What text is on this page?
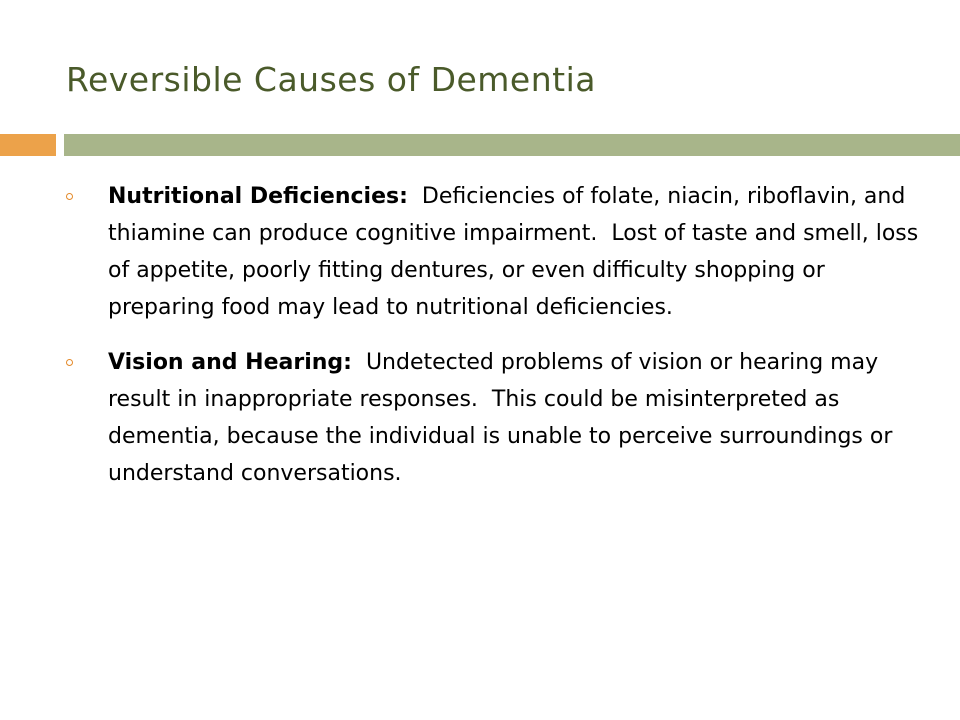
Reversible Causes of Dementia
Nutritional Deficiencies:  Deficiencies of folate, niacin, riboflavin, and thiamine can produce cognitive impairment.  Lost of taste and smell, loss of appetite, poorly fitting dentures, or even difficulty shopping or preparing food may lead to nutritional deficiencies.
Vision and Hearing:  Undetected problems of vision or hearing may result in inappropriate responses.  This could be misinterpreted as dementia, because the individual is unable to perceive surroundings or understand conversations.
